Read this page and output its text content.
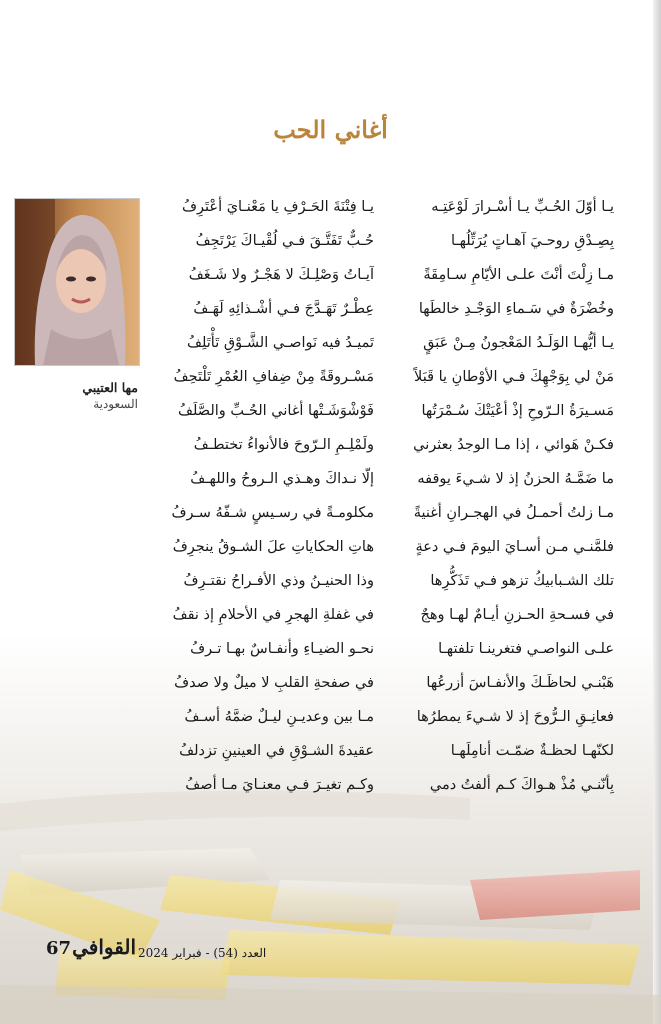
أغاني الحب
يـا أوّلَ الحُـبِّ يـا أسْـرارَ لَوْعَتِـه
بِصِـدْقِ روحـيَ آهـاتٍ يُرَتِّلُهـا
مـا زِلْتَ أنْتَ علـى الأيّامِ سـامِقَةً
وخُضْرَةٌ في سَـماءِ الوَجْـدِ خالطَها
يـا أيُّهـا الوَلَـدُ المَعْجونُ مِـنْ عَبَقٍ
مَنْ لي بِوَجْهِكَ فـي الأوْطانِ يا قَبَلاً
مَسـيرَةُ الـرّوحِ إذْ أعْيَتْكَ سُـمْرَتُها
فكـنْ هَوائي ، إذا مـا الوجدُ بعثرني
ما ضَمَّـهُ الحزنُ إذ لا شـيءَ يوقفه
مـا زلتُ أحمـلُ في الهجـرانِ أغنيةً
فلمَّنـي مـن أسـايَ اليومَ فـي دعةٍ
تلك الشـبابيكُ تزهو فـي تَذَكُّرِها
في فسـحةِ الحـزنِ أيـامٌ لهـا وهجٌ
علـى النواصـي فتغرينـا تلفتهـا
هَبْنـي لحاظَـكَ والأنفـاسَ أزرعُها
فعانِـقِ الـرُّوحَ إذ لا شـيءَ يمطرُها
لكنّهـا لحظـةٌ ضمّـت أنامِلَهـا
بِأنّنـي مُذْ هـواكَ كـم ألفتُ دمي
يـا فِتْنَةَ الحَـرْفِ يا مَعْنـايَ أعْتَرِفُ
حُـبٌّ تَفَتَّـقَ فـي لُقْيـاكَ يَرْتَجِفُ
آيـاتُ وَصْلِـكَ لا هَجْـرٌ ولا شَـغَفُ
عِطْـرٌ تَهَـدَّجَ فـي أشْـذائِهِ لَهَـفُ
تَميـدُ فيه نَواصـي الشَّـوْقِ تَأْتَلِفُ
مَسْـروقَةً مِنْ ضِفافِ العُمْرِ تَلْتَحِفُ
فَوْشْوَشَـتْها أغاني الحُـبِّ والصَّلَفُ
ولَمْلِـمِ الـرّوحَ فالأنواءُ تختطـفُ
إلّا نـداكَ وهـذي الـروحُ واللهـفُ
مكلومـةً في رسـيسٍ شـفّهُ سـرفُ
هاتِ الحكاياتِ علَ الشـوقُ ينجرِفُ
وذا الحنيـنُ وذي الأفـراحُ نقتـرِفُ
في غفلةِ الهجرِ في الأحلامِ إذ نقفُ
نحـو الضيـاءِ وأنفـاسٌ بهـا تـرفُ
في صفحةِ القلبِ لا ميلٌ ولا صدفُ
مـا بين وعديـنِ ليـلٌ ضمَّهُ أسـفُ
عقيدةَ الشـوْقِ في العينينِ تزدلفُ
وكـم تغيـرَ فـي معنـايَ مـا أصفُ
مها العتيبي
السعودية
67 القوافي العدد (54) - فبراير 2024
